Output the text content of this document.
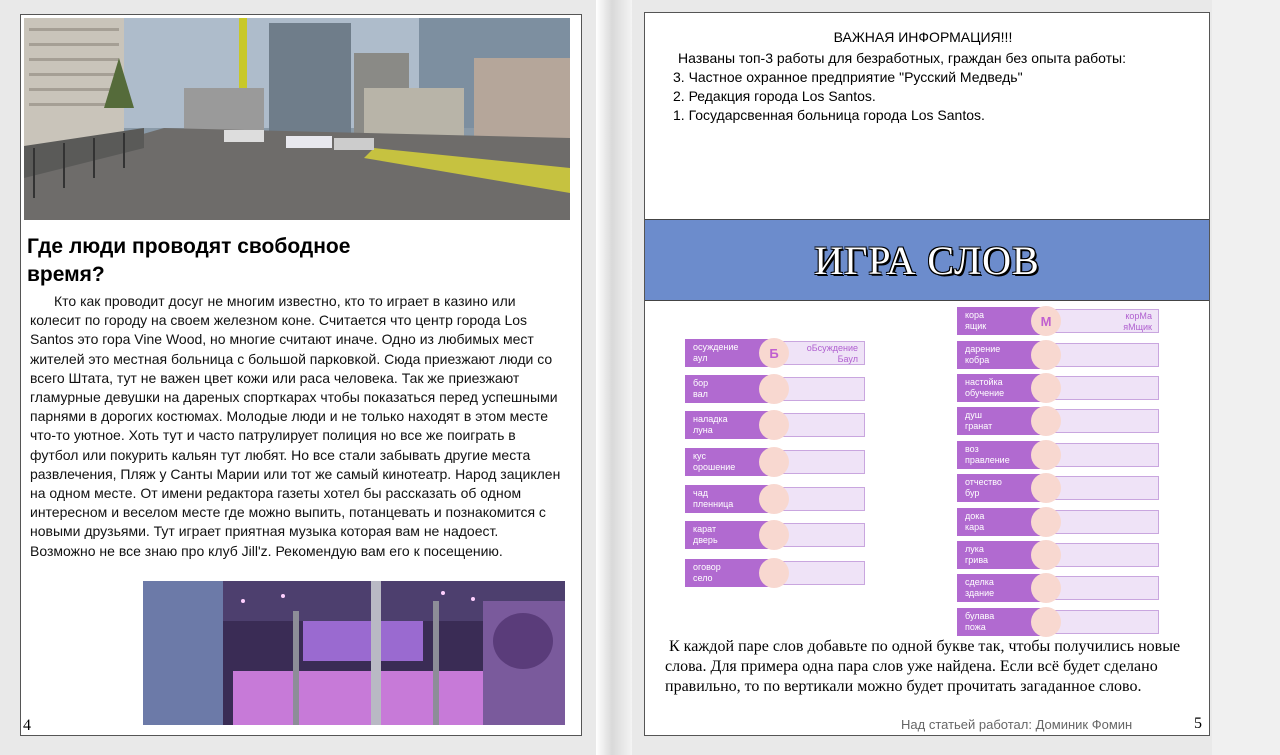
Где люди проводят свободное время?

Кто как проводит досуг не многим известно, кто то играет в казино или колесит по городу на своем железном коне. Считается что центр города Los Santos это гора Vine Wood, но многие считают иначе. Одно из любимых мест жителей это местная больница с большой парковкой. Сюда приезжают люди со всего Штата, тут не важен цвет кожи или раса человека. Так же приезжают гламурные девушки на дареных спорткарах чтобы показаться перед успешными парнями в дорогих костюмах. Молодые люди и не только находят в этом месте что-то уютное. Хоть тут и часто патрулирует полиция но все же поиграть в футбол или покурить кальян тут любят. Но все стали забывать другие места развлечения, Пляж у Санты Марии или тот же самый кинотеатр. Народ зациклен на одном месте. От имени редактора газеты хотел бы рассказать об одном интересном и веселом месте где можно выпить, потанцевать и познакомится с новыми друзьями. Тут играет приятная музыка которая вам не надоест. Возможно не все знаю про клуб Jill'z. Рекомендую вам его к посещению.

4

ВАЖНАЯ ИНФОРМАЦИЯ!!!

Названы топ-3 работы для безработных, граждан без опыта работы:

3. Частное охранное предприятие "Русский Медведь"
2. Редакция города Los Santos.
1. Государсвенная больница города Los Santos.
ИГРА СЛОВ
осуждение
аул
оБсуждение
Баул
Б
бор
вал
наладка
луна
кус
орошение
чад
пленница
карат
дверь
оговор
село
кора
ящик
корМа
яМщик
М
дарение
кобра
настойка
обучение
душ
гранат
воз
правление
отчество
бур
дока
кара
лука
грива
сделка
здание
булава
пожа

К каждой паре слов добавьте по одной букве так, чтобы получились новые слова. Для примера одна пара слов уже найдена. Если всё будет сделано правильно, то по вертикали можно будет прочитать загаданное слово.

Над статьей работал: Доминик Фомин	5
